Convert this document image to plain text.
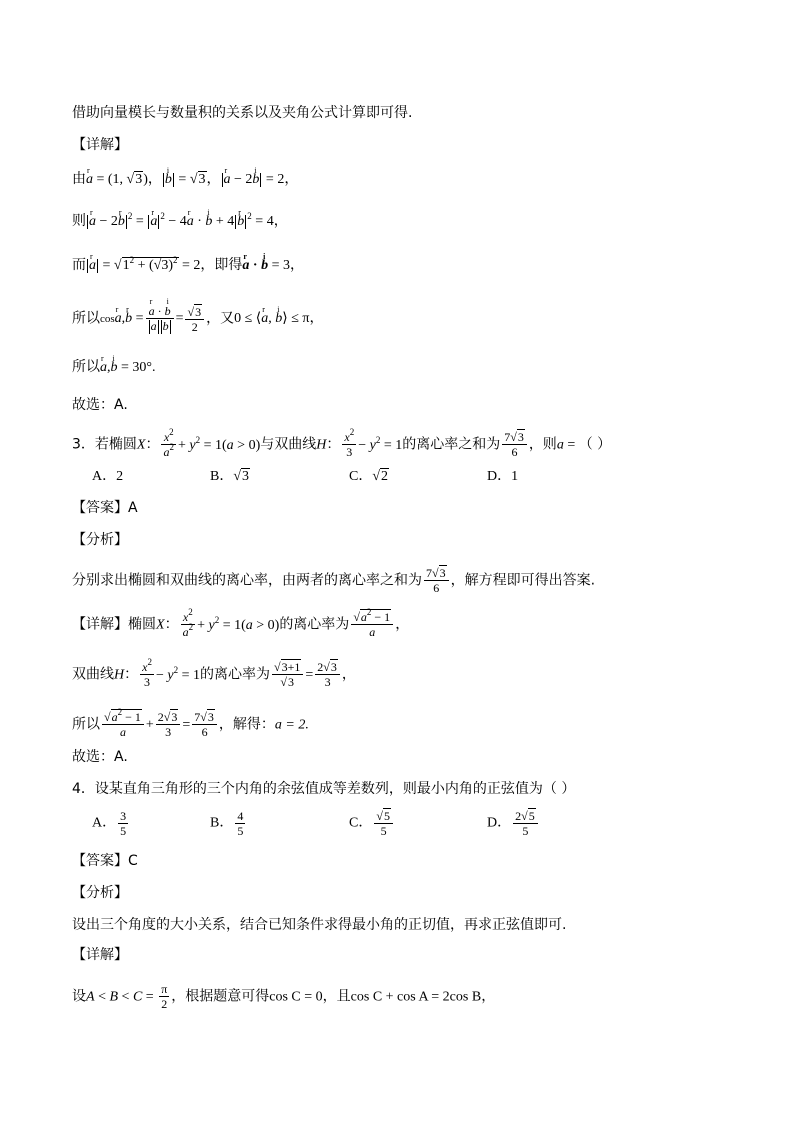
借助向量模长与数量积的关系以及夹角公式计算即可得.
【详解】
由r a = (1, √3)， i b = √3， r a − 2i b = 2，
则 r a − 2r b $^2$ = r a $^2$ − 4r a · i b + 4 r b $^2$ = 4，
而 r $a = √1^2 + (√3)^2 = 2$，即得r a · i b = 3，
所以cosr a,r b = r $\frac{\text{a · i b}}{\text{a b}} = \frac{√3}{2}$ ，又0 ≤ ⟨r a, i b⟩ ≤ π，
所以r a,i b = 30°.
故选：A.
3．若椭圆X： $\frac{x^2}{a^2} + y^2 = 1(a > 0)$与双曲线H： $\frac{x^2}{3} - y^2 = 1$的离心率之和为 $\frac{7√3}{6}$ ，则a = （ ）
A．2	B．√3	C．√2	D．1
【答案】A
【分析】
分别求出椭圆和双曲线的离心率，由两者的离心率之和为 $\frac{7√3}{6}$ ，解方程即可得出答案.
【详解】椭圆X： $\frac{x^2}{a^2} + y^2 = 1(a > 0)$的离心率为 $\frac{√a^2 - 1}{a}$ ，
双曲线H： $\frac{x^2}{3} - y^2 = 1$的离心率为 $\frac{√3+1}{√3} = \frac{2√3}{3}$ ，
所以 $\frac{√a^2 - 1}{a} + \frac{2√3}{3} = \frac{7√3}{6}$ ，解得：a = 2.
故选：A.
4．设某直角三角形的三个内角的余弦值成等差数列，则最小内角的正弦值为（ ）
A． $\frac{3}{5}$	B． $\frac{4}{5}$	C． $\frac{√5}{5}$	D． $\frac{2√5}{5}$
【答案】C
【分析】
设出三个角度的大小关系，结合已知条件求得最小角的正切值，再求正弦值即可.
【详解】
设$A < B < C = \frac{\pi}{2}$ ，根据题意可得cos C = 0，且cos C + cos A = 2cos B，
